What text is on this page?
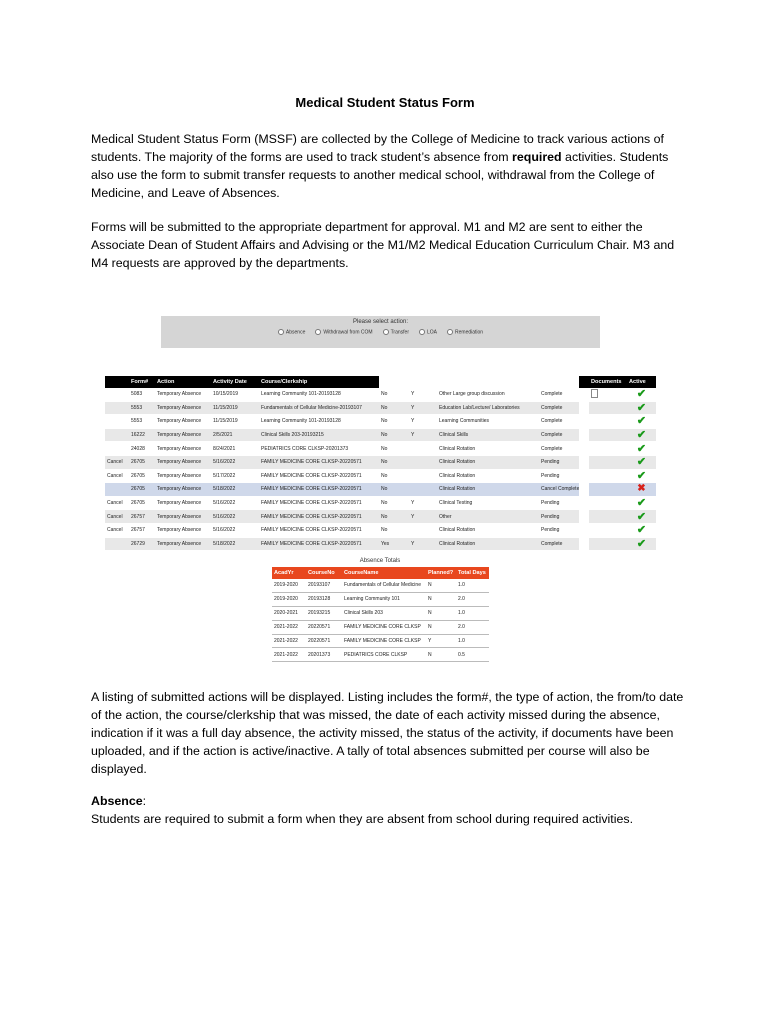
Medical Student Status Form
Medical Student Status Form (MSSF) are collected by the College of Medicine to track various actions of students. The majority of the forms are used to track student’s absence from required activities. Students also use the form to submit transfer requests to another medical school, withdrawal from the College of Medicine, and Leave of Absences.
Forms will be submitted to the appropriate department for approval. M1 and M2 are sent to either the Associate Dean of Student Affairs and Advising or the M1/M2 Medical Education Curriculum Chair. M3 and M4 requests are approved by the departments.
Please select action:
Absence	Withdrawal from COM	Transfer	LOA	Remediation
	Form#	Action	Activity Date	Course/Clerkship						Documents	Active
	5083	Temporary Absence	10/15/2019	Learning Community 101-20193128	No	Y	Other Large group discussion	Complete			✔
	5553	Temporary Absence	11/15/2019	Fundamentals of Cellular Medicine-20193107	No	Y	Education Lab/Lecture/ Laboratories	Complete			✔
	5553	Temporary Absence	11/15/2019	Learning Community 101-20193128	No	Y	Learning Communities	Complete			✔
	16222	Temporary Absence	2/5/2021	Clinical Skills 203-20193215	No	Y	Clinical Skills	Complete			✔
	24028	Temporary Absence	8/24/2021	PEDIATRICS CORE CLKSP-20201373	No		Clinical Rotation	Complete			✔
Cancel	26705	Temporary Absence	5/16/2022	FAMILY MEDICINE CORE CLKSP-20220571	No		Clinical Rotation	Pending			✔
Cancel	26705	Temporary Absence	5/17/2022	FAMILY MEDICINE CORE CLKSP-20220571	No		Clinical Rotation	Pending			✔
	26705	Temporary Absence	5/18/2022	FAMILY MEDICINE CORE CLKSP-20220571	No		Clinical Rotation	Cancel Complete			✖
Cancel	26705	Temporary Absence	5/16/2022	FAMILY MEDICINE CORE CLKSP-20220571	No	Y	Clinical Testing	Pending			✔
Cancel	26757	Temporary Absence	5/16/2022	FAMILY MEDICINE CORE CLKSP-20220571	No	Y	Other	Pending			✔
Cancel	26757	Temporary Absence	5/16/2022	FAMILY MEDICINE CORE CLKSP-20220571	No		Clinical Rotation	Pending			✔
	26729	Temporary Absence	5/18/2022	FAMILY MEDICINE CORE CLKSP-20220571	Yes	Y	Clinical Rotation	Complete			✔
Absence Totals
AcadYr	CourseNo	CourseName	Planned?	Total Days
2019-2020	20193107	Fundamentals of Cellular Medicine	N	1.0
2019-2020	20193128	Learning Community 101	N	2.0
2020-2021	20193215	Clinical Skills 203	N	1.0
2021-2022	20220571	FAMILY MEDICINE CORE CLKSP	N	2.0
2021-2022	20220571	FAMILY MEDICINE CORE CLKSP	Y	1.0
2021-2022	20201373	PEDIATRICS CORE CLKSP	N	0.5
A listing of submitted actions will be displayed. Listing includes the form#, the type of action, the from/to date of the action, the course/clerkship that was missed, the date of each activity missed during the absence, indication if it was a full day absence, the activity missed, the status of the activity, if documents have been uploaded, and if the action is active/inactive. A tally of total absences submitted per course will also be displayed.
Absence:
Students are required to submit a form when they are absent from school during required activities.
